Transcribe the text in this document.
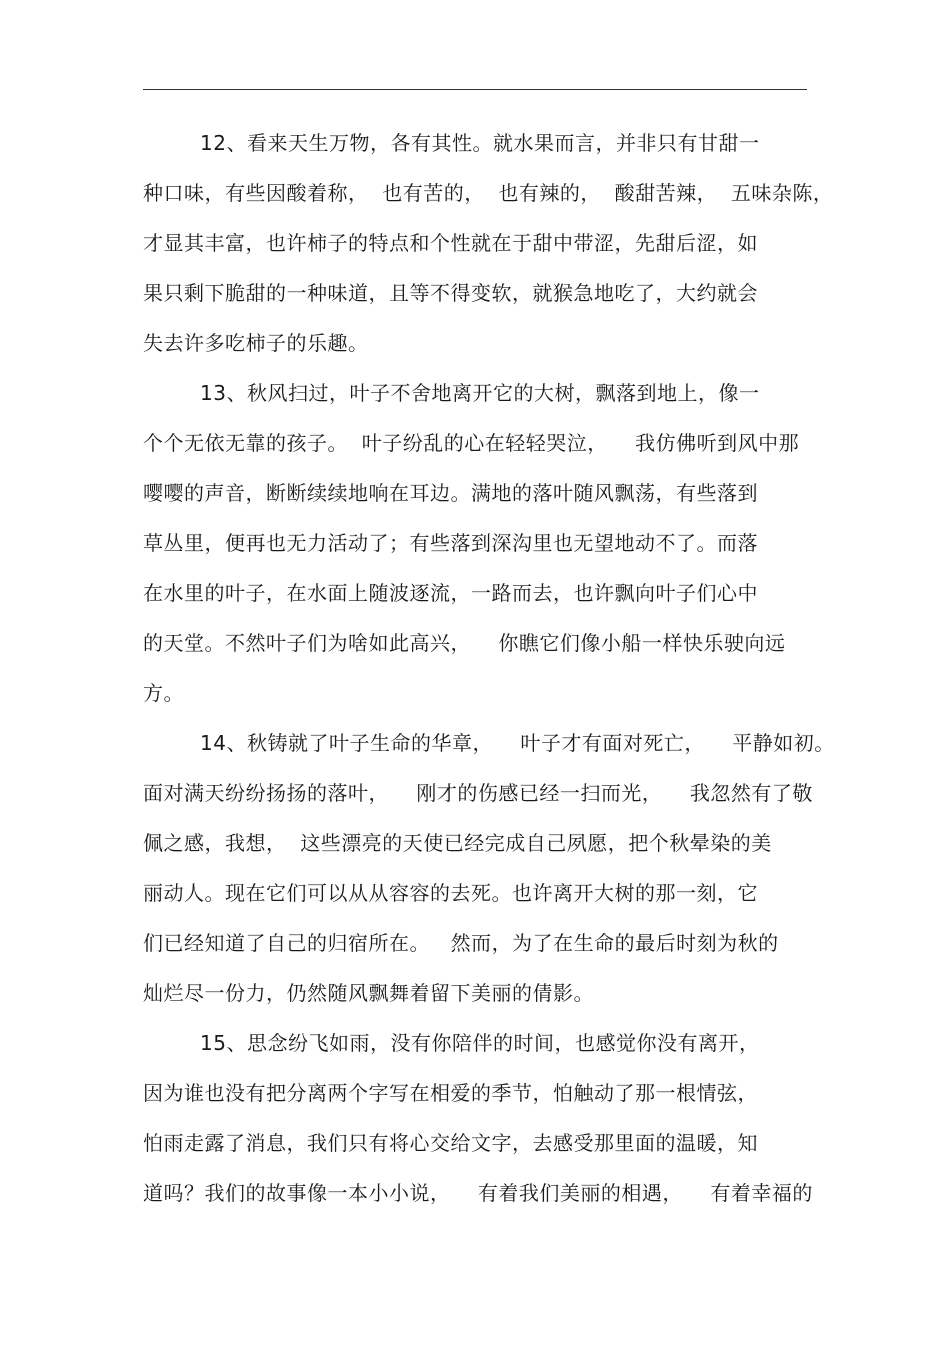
12、看来天生万物，各有其性。就水果而言，并非只有甘甜一
种口味，有些因酸着称，  也有苦的，  也有辣的，  酸甜苦辣，  五味杂陈，
才显其丰富，也许柿子的特点和个性就在于甜中带涩，先甜后涩，如
果只剩下脆甜的一种味道，且等不得变软，就猴急地吃了，大约就会
失去许多吃柿子的乐趣。
13、秋风扫过，叶子不舍地离开它的大树，飘落到地上，像一
个个无依无靠的孩子。  叶子纷乱的心在轻轻哭泣，    我仿佛听到风中那
嘤嘤的声音，断断续续地响在耳边。满地的落叶随风飘荡，有些落到
草丛里，便再也无力活动了；有些落到深沟里也无望地动不了。而落
在水里的叶子，在水面上随波逐流，一路而去，也许飘向叶子们心中
的天堂。不然叶子们为啥如此高兴，    你瞧它们像小船一样快乐驶向远
方。
14、秋铸就了叶子生命的华章，    叶子才有面对死亡，    平静如初。
面对满天纷纷扬扬的落叶，    刚才的伤感已经一扫而光，    我忽然有了敬
佩之感，我想，  这些漂亮的天使已经完成自己夙愿，把个秋晕染的美
丽动人。现在它们可以从从容容的去死。也许离开大树的那一刻，它
们已经知道了自己的归宿所在。   然而，为了在生命的最后时刻为秋的
灿烂尽一份力，仍然随风飘舞着留下美丽的倩影。
15、思念纷飞如雨，没有你陪伴的时间，也感觉你没有离开，
因为谁也没有把分离两个字写在相爱的季节，怕触动了那一根情弦，
怕雨走露了消息，我们只有将心交给文字，去感受那里面的温暖，知
道吗？我们的故事像一本小小说，    有着我们美丽的相遇，    有着幸福的
